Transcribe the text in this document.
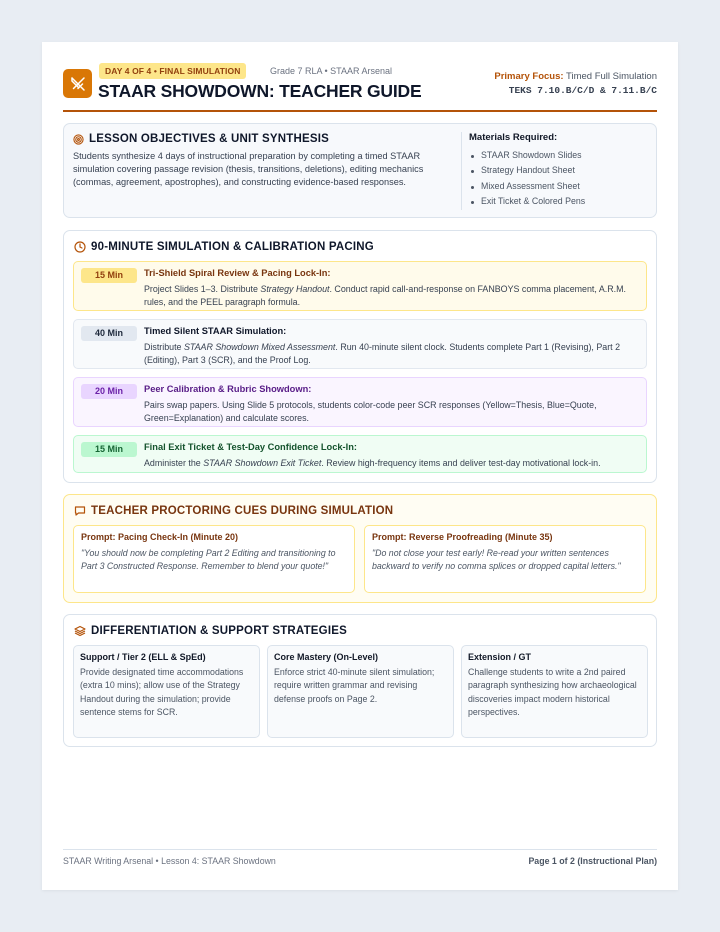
DAY 4 OF 4 • FINAL SIMULATION	Grade 7 RLA • STAAR Arsenal
STAAR SHOWDOWN: TEACHER GUIDE
Primary Focus: Timed Full Simulation
TEKS 7.10.B/C/D & 7.11.B/C
LESSON OBJECTIVES & UNIT SYNTHESIS
Students synthesize 4 days of instructional preparation by completing a timed STAAR simulation covering passage revision (thesis, transitions, deletions), editing mechanics (commas, agreement, apostrophes), and constructing evidence-based responses.
Materials Required:
STAAR Showdown Slides
Strategy Handout Sheet
Mixed Assessment Sheet
Exit Ticket & Colored Pens
90-MINUTE SIMULATION & CALIBRATION PACING
15 Min	Tri-Shield Spiral Review & Pacing Lock-In:
Project Slides 1–3. Distribute Strategy Handout. Conduct rapid call-and-response on FANBOYS comma placement, A.R.M. rules, and the PEEL paragraph formula.
40 Min	Timed Silent STAAR Simulation:
Distribute STAAR Showdown Mixed Assessment. Run 40-minute silent clock. Students complete Part 1 (Revising), Part 2 (Editing), Part 3 (SCR), and the Proof Log.
20 Min	Peer Calibration & Rubric Showdown:
Pairs swap papers. Using Slide 5 protocols, students color-code peer SCR responses (Yellow=Thesis, Blue=Quote, Green=Explanation) and calculate scores.
15 Min	Final Exit Ticket & Test-Day Confidence Lock-In:
Administer the STAAR Showdown Exit Ticket. Review high-frequency items and deliver test-day motivational lock-in.
TEACHER PROCTORING CUES DURING SIMULATION
Prompt: Pacing Check-In (Minute 20)
"You should now be completing Part 2 Editing and transitioning to Part 3 Constructed Response. Remember to blend your quote!"
Prompt: Reverse Proofreading (Minute 35)
"Do not close your test early! Re-read your written sentences backward to verify no comma splices or dropped capital letters."
DIFFERENTIATION & SUPPORT STRATEGIES
Support / Tier 2 (ELL & SpEd)
Provide designated time accommodations (extra 10 mins); allow use of the Strategy Handout during the simulation; provide sentence stems for SCR.
Core Mastery (On-Level)
Enforce strict 40-minute silent simulation; require written grammar and revising defense proofs on Page 2.
Extension / GT
Challenge students to write a 2nd paired paragraph synthesizing how archaeological discoveries impact modern historical perspectives.
STAAR Writing Arsenal • Lesson 4: STAAR Showdown	Page 1 of 2 (Instructional Plan)
